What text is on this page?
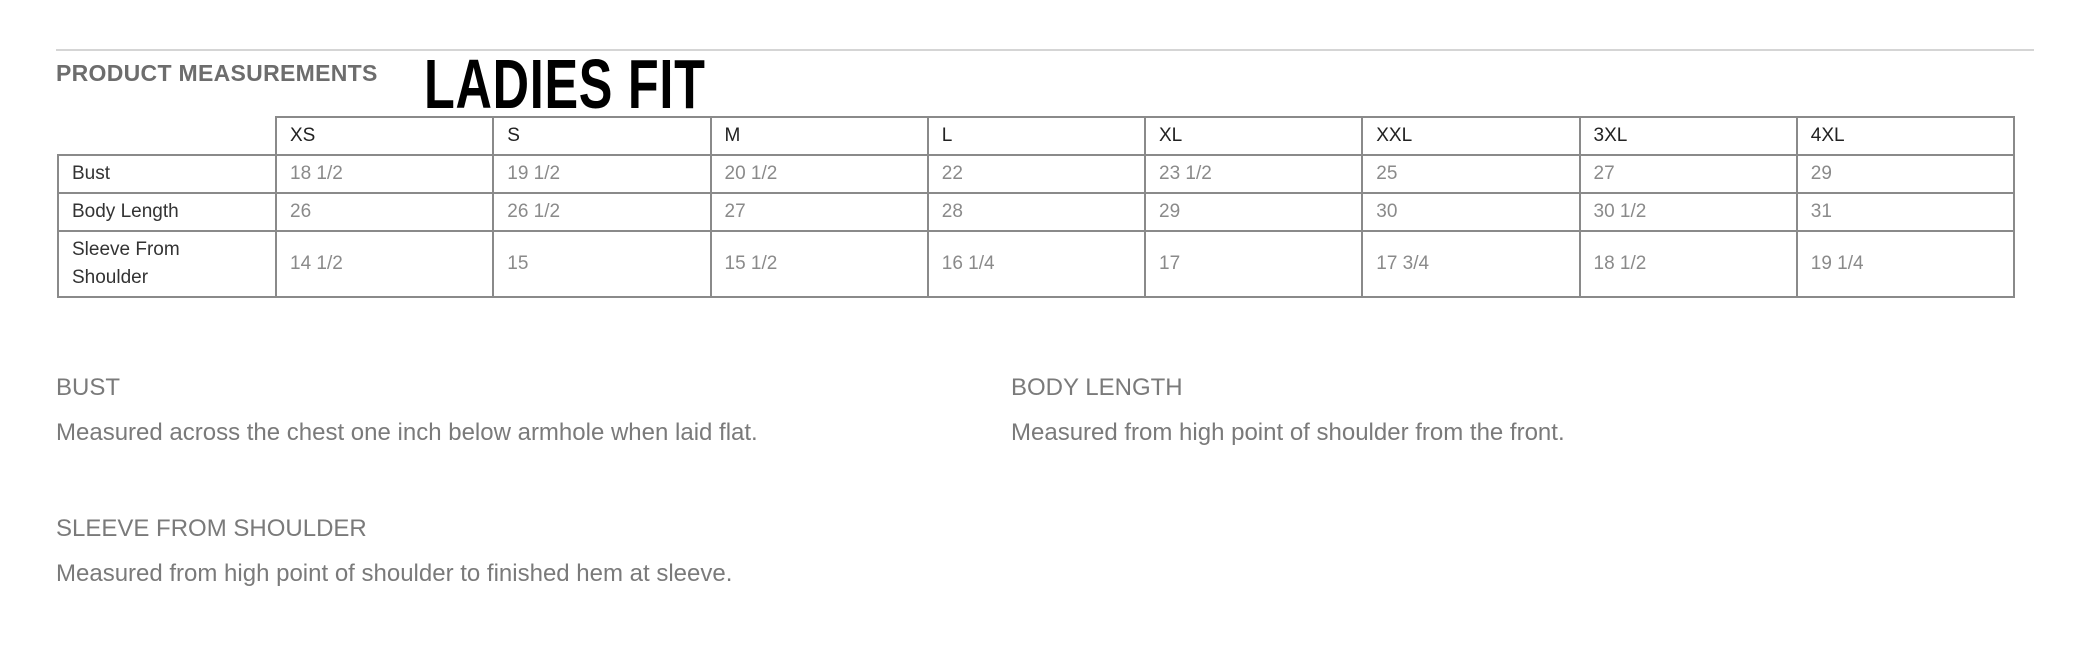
PRODUCT MEASUREMENTS LADIES FIT
	XS	S	M	L	XL	XXL	3XL	4XL
Bust	18 1/2	19 1/2	20 1/2	22	23 1/2	25	27	29
Body Length	26	26 1/2	27	28	29	30	30 1/2	31
Sleeve From
Shoulder	14 1/2	15	15 1/2	16 1/4	17	17 3/4	18 1/2	19 1/4
BUST
Measured across the chest one inch below armhole when laid flat.
BODY LENGTH
Measured from high point of shoulder from the front.
SLEEVE FROM SHOULDER
Measured from high point of shoulder to finished hem at sleeve.
